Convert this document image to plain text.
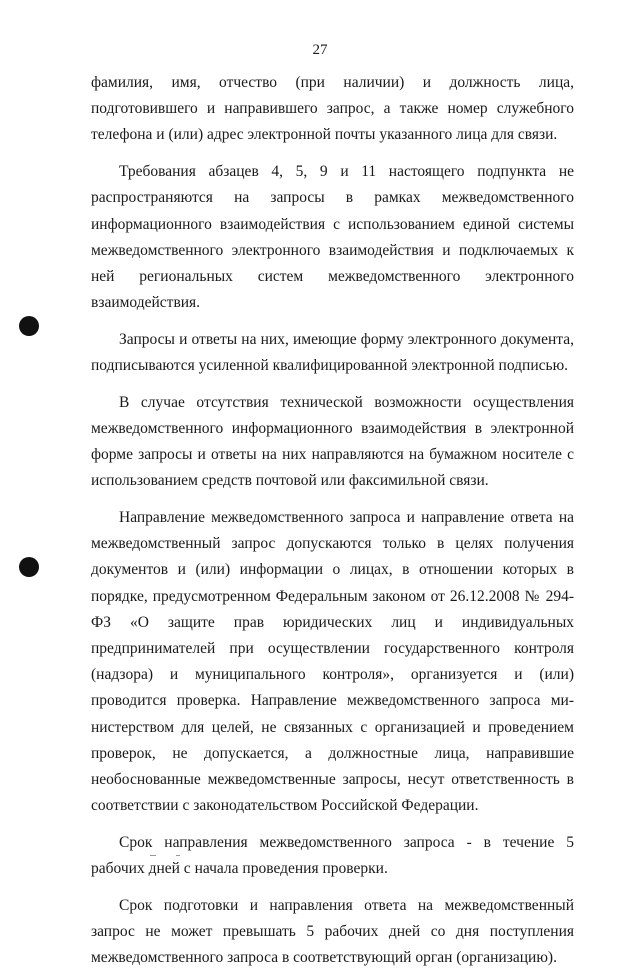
27

фамилия, имя, отчество (при наличии) и должность лица, подготовившего и направившего запрос, а также номер служебного телефона и (или) адрес электронной почты указанного лица для связи.

Требования абзацев 4, 5, 9 и 11 настоящего подпункта не распространяются на запросы в рамках межведомственного информационного взаимодействия с использованием единой системы межведомственного электронного взаимодействия и подключаемых к ней региональных систем межведомственного электронного взаимодействия.

Запросы и ответы на них, имеющие форму электронного документа, подписываются усиленной квалифицированной электронной подписью.

В случае отсутствия технической возможности осуществления межведомственного информационного взаимодействия в электронной форме запросы и ответы на них направляются на бумажном носителе с использованием средств почтовой или факсимильной связи.

Направление межведомственного запроса и направление ответа на межведомственный запрос допускаются только в целях получения документов и (или) информации о лицах, в отношении которых в порядке, предусмотренном Федеральным законом от 26.12.2008 № 294-ФЗ «О защите прав юридических лиц и индивидуальных предпринимателей при осуществлении государственного контроля (надзора) и муниципального контроля», организуется и (или) проводится проверка. Направление межведомственного запроса министерством для целей, не связанных с организацией и проведением проверок, не допускается, а должностные лица, направившие необоснованные межведомственные запросы, несут ответственность в соответствии с законодательством Российской Федерации.

Срок направления межведомственного запроса - в течение 5 рабочих дней с начала проведения проверки.

Срок подготовки и направления ответа на межведомственный запрос не может превышать 5 рабочих дней со дня поступления межведомственного запроса в соответствующий орган (организацию).
